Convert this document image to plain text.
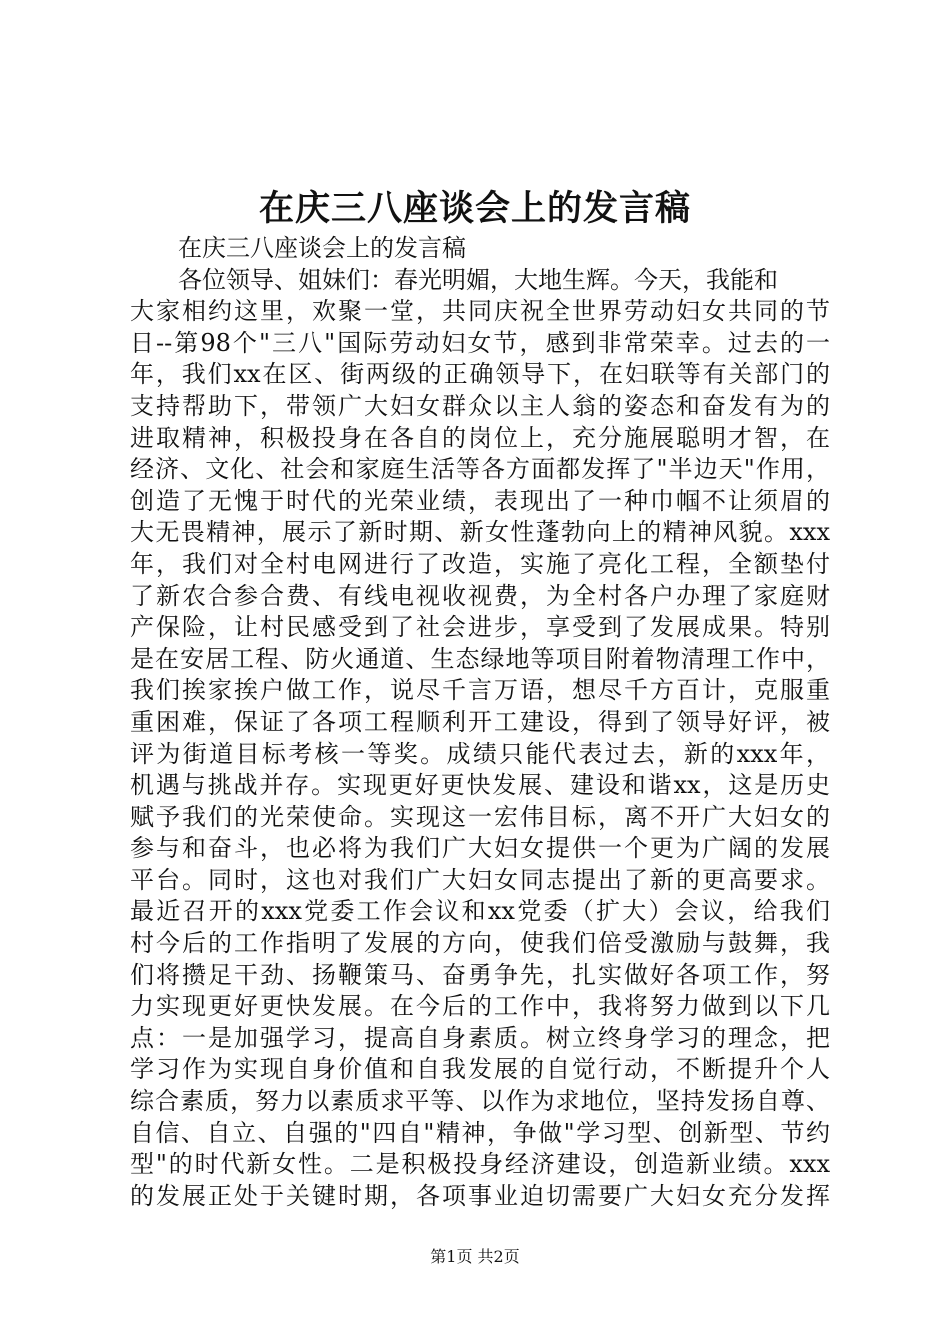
在庆三八座谈会上的发言稿
在庆三八座谈会上的发言稿
各位领导、姐妹们：春光明媚，大地生辉。今天，我能和
大家相约这里，欢聚一堂，共同庆祝全世界劳动妇女共同的节
日--第98个"三八"国际劳动妇女节，感到非常荣幸。过去的一
年，我们xx在区、街两级的正确领导下，在妇联等有关部门的
支持帮助下，带领广大妇女群众以主人翁的姿态和奋发有为的
进取精神，积极投身在各自的岗位上，充分施展聪明才智，在
经济、文化、社会和家庭生活等各方面都发挥了"半边天"作用，
创造了无愧于时代的光荣业绩，表现出了一种巾帼不让须眉的
大无畏精神，展示了新时期、新女性蓬勃向上的精神风貌。xxx
年，我们对全村电网进行了改造，实施了亮化工程，全额垫付
了新农合参合费、有线电视收视费，为全村各户办理了家庭财
产保险，让村民感受到了社会进步，享受到了发展成果。特别
是在安居工程、防火通道、生态绿地等项目附着物清理工作中，
我们挨家挨户做工作，说尽千言万语，想尽千方百计，克服重
重困难，保证了各项工程顺利开工建设，得到了领导好评，被
评为街道目标考核一等奖。成绩只能代表过去，新的xxx年，
机遇与挑战并存。实现更好更快发展、建设和谐xx，这是历史
赋予我们的光荣使命。实现这一宏伟目标，离不开广大妇女的
参与和奋斗，也必将为我们广大妇女提供一个更为广阔的发展
平台。同时，这也对我们广大妇女同志提出了新的更高要求。
最近召开的xxx党委工作会议和xx党委（扩大）会议，给我们
村今后的工作指明了发展的方向，使我们倍受激励与鼓舞，我
们将攒足干劲、扬鞭策马、奋勇争先，扎实做好各项工作，努
力实现更好更快发展。在今后的工作中，我将努力做到以下几
点：一是加强学习，提高自身素质。树立终身学习的理念，把
学习作为实现自身价值和自我发展的自觉行动，不断提升个人
综合素质，努力以素质求平等、以作为求地位，坚持发扬自尊、
自信、自立、自强的"四自"精神，争做"学习型、创新型、节约
型"的时代新女性。二是积极投身经济建设，创造新业绩。xxx
的发展正处于关键时期，各项事业迫切需要广大妇女充分发挥
第1页 共2页
